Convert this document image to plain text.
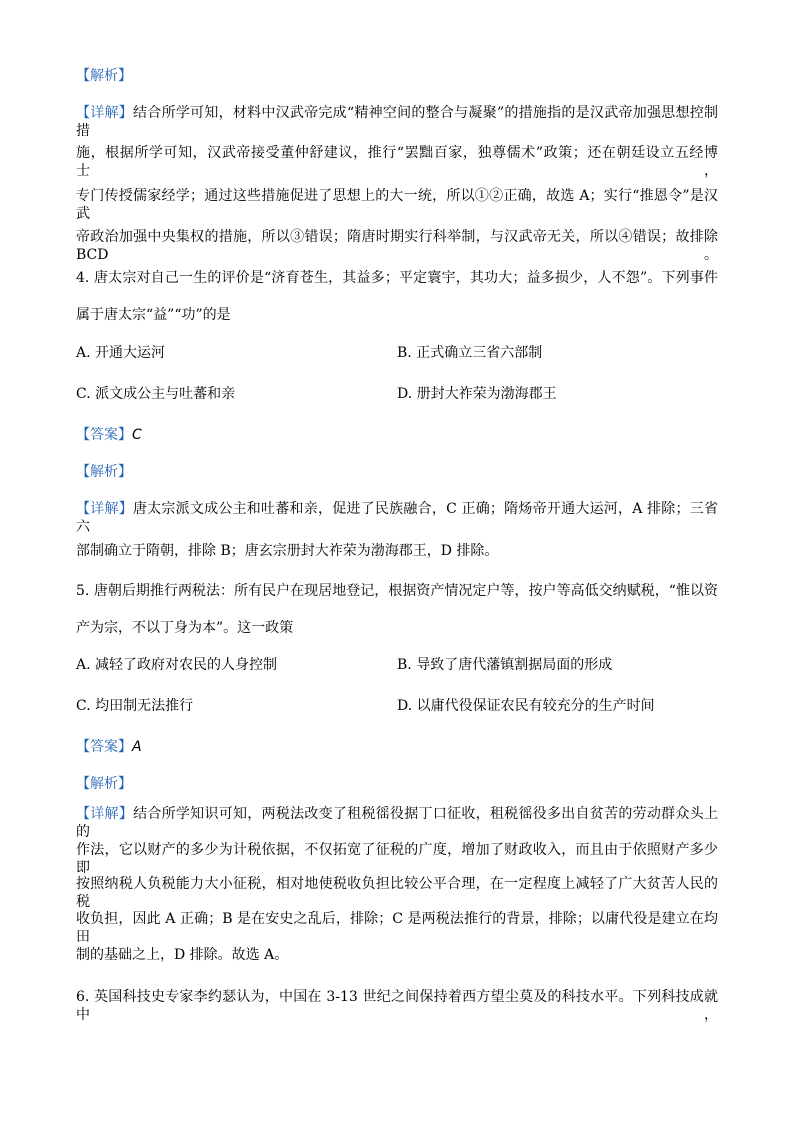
【解析】
【详解】结合所学可知，材料中汉武帝完成“精神空间的整合与凝聚”的措施指的是汉武帝加强思想控制措
施，根据所学可知，汉武帝接受董仲舒建议，推行“罢黜百家，独尊儒术”政策；还在朝廷设立五经博士，
专门传授儒家经学；通过这些措施促进了思想上的大一统，所以①②正确，故选 A；实行“推恩令”是汉武
帝政治加强中央集权的措施，所以③错误；隋唐时期实行科举制，与汉武帝无关，所以④错误；故排除 BCD。
4. 唐太宗对自己一生的评价是“济育苍生，其益多；平定寰宇，其功大；益多损少，人不怨”。下列事件
属于唐太宗“益”“功”的是
A. 开通大运河	B. 正式确立三省六部制
C. 派文成公主与吐蕃和亲	D. 册封大祚荣为渤海郡王
【答案】C
【解析】
【详解】唐太宗派文成公主和吐蕃和亲，促进了民族融合，C 正确；隋炀帝开通大运河，A 排除；三省六
部制确立于隋朝，排除 B；唐玄宗册封大祚荣为渤海郡王，D 排除。
5. 唐朝后期推行两税法：所有民户在现居地登记，根据资产情况定户等，按户等高低交纳赋税，“惟以资
产为宗，不以丁身为本”。这一政策
A. 减轻了政府对农民的人身控制	B. 导致了唐代藩镇割据局面的形成
C. 均田制无法推行	D. 以庸代役保证农民有较充分的生产时间
【答案】A
【解析】
【详解】结合所学知识可知，两税法改变了租税徭役据丁口征收，租税徭役多出自贫苦的劳动群众头上的
作法，它以财产的多少为计税依据，不仅拓宽了征税的广度，增加了财政收入，而且由于依照财产多少即
按照纳税人负税能力大小征税，相对地使税收负担比较公平合理，在一定程度上减轻了广大贫苦人民的税
收负担，因此 A 正确；B 是在安史之乱后，排除；C 是两税法推行的背景，排除；以庸代役是建立在均田
制的基础之上，D 排除。故选 A。
6. 英国科技史专家李约瑟认为，中国在 3-13 世纪之间保持着西方望尘莫及的科技水平。下列科技成就中，
